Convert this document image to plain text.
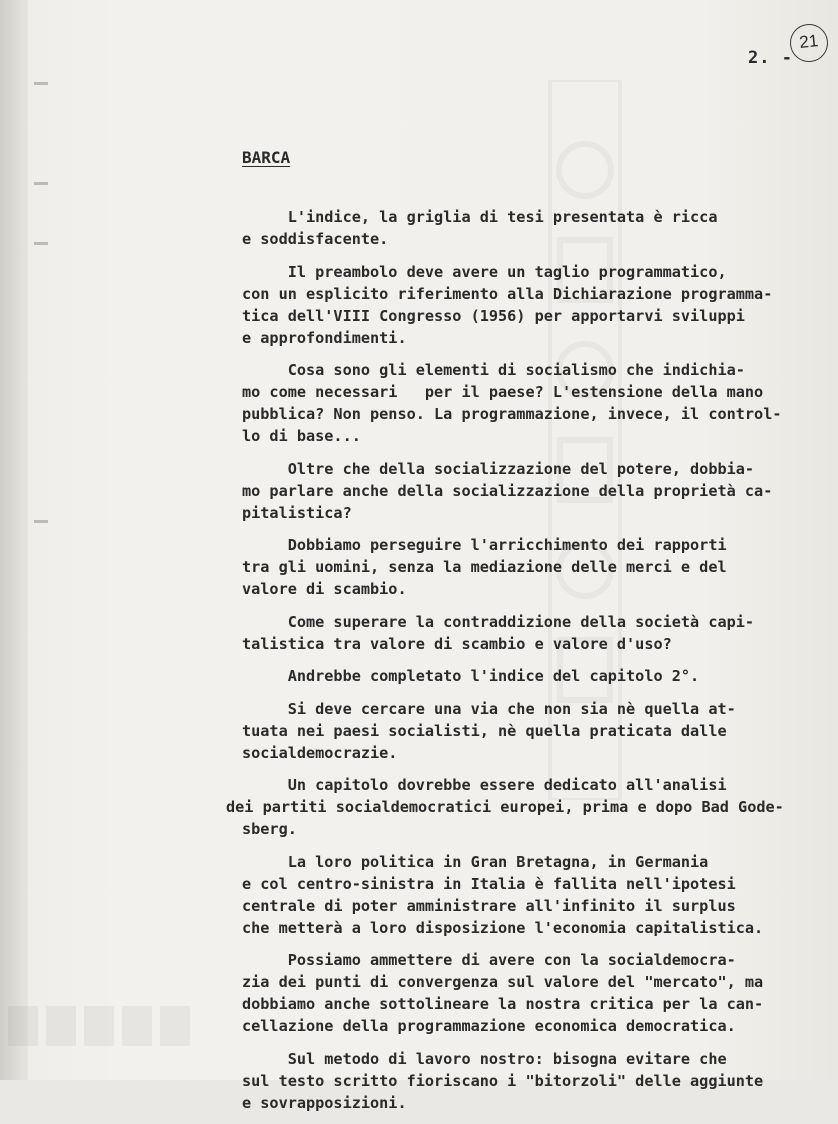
2. -
21
BARCA
L'indice, la griglia di tesi presentata è ricca
e soddisfacente.
Il preambolo deve avere un taglio programmatico,
con un esplicito riferimento alla Dichiarazione programma-
tica dell'VIII Congresso (1956) per apportarvi sviluppi
e approfondimenti.
Cosa sono gli elementi di socialismo che indichia-
mo come necessari   per il paese? L'estensione della mano
pubblica? Non penso. La programmazione, invece, il control-
lo di base...
Oltre che della socializzazione del potere, dobbia-
mo parlare anche della socializzazione della proprietà ca-
pitalistica?
Dobbiamo perseguire l'arricchimento dei rapporti
tra gli uomini, senza la mediazione delle merci e del
valore di scambio.
Come superare la contraddizione della società capi-
talistica tra valore di scambio e valore d'uso?
Andrebbe completato l'indice del capitolo 2°.
Si deve cercare una via che non sia nè quella at-
tuata nei paesi socialisti, nè quella praticata dalle
socialdemocrazie.
Un capitolo dovrebbe essere dedicato all'analisi
dei partiti socialdemocratici europei, prima e dopo Bad Gode-
sberg.
La loro politica in Gran Bretagna, in Germania
e col centro-sinistra in Italia è fallita nell'ipotesi
centrale di poter amministrare all'infinito il surplus
che metterà a loro disposizione l'economia capitalistica.
Possiamo ammettere di avere con la socialdemocra-
zia dei punti di convergenza sul valore del "mercato", ma
dobbiamo anche sottolineare la nostra critica per la can-
cellazione della programmazione economica democratica.
Sul metodo di lavoro nostro: bisogna evitare che
sul testo scritto fioriscano i "bitorzoli" delle aggiunte
e sovrapposizioni.
